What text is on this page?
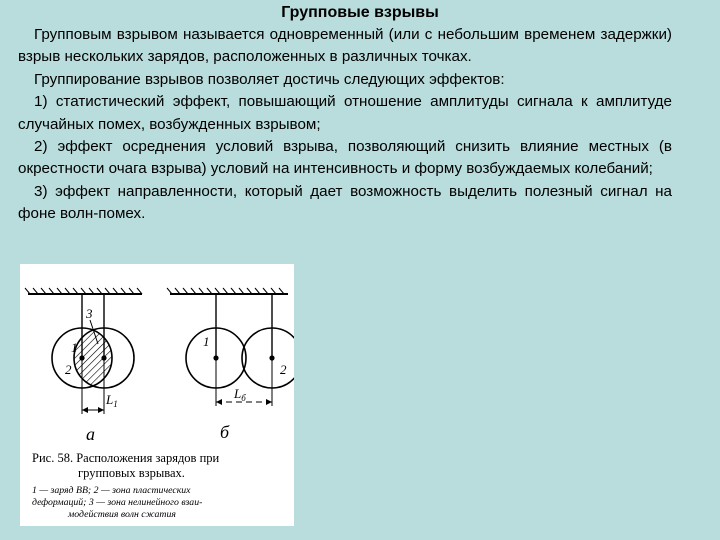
Групповые взрывы

Групповым взрывом называется одновременный (или с небольшим временем задержки) взрыв нескольких зарядов, расположенных в различных точках.

Группирование взрывов позволяет достичь следующих эффектов:

1) статистический эффект, повышающий отношение амплитуды сигнала к амплитуде случайных помех, возбужденных взрывом;

2) эффект осреднения условий взрыва, позволяющий снизить влияние местных (в окрестности очага взрыва) условий на интенсивность и форму возбуждаемых колебаний;

3) эффект направленности, который дает возможность выделить полезный сигнал на фоне волн-помех.

1
2
3
$L_1$
а
1
2
$L_б$
б
Рис. 58. Расположения зарядов при
групповых взрывах.
1 — заряд ВВ; 2 — зона пластических
деформаций; 3 — зона нелинейного взаи-
модействия волн сжатия
